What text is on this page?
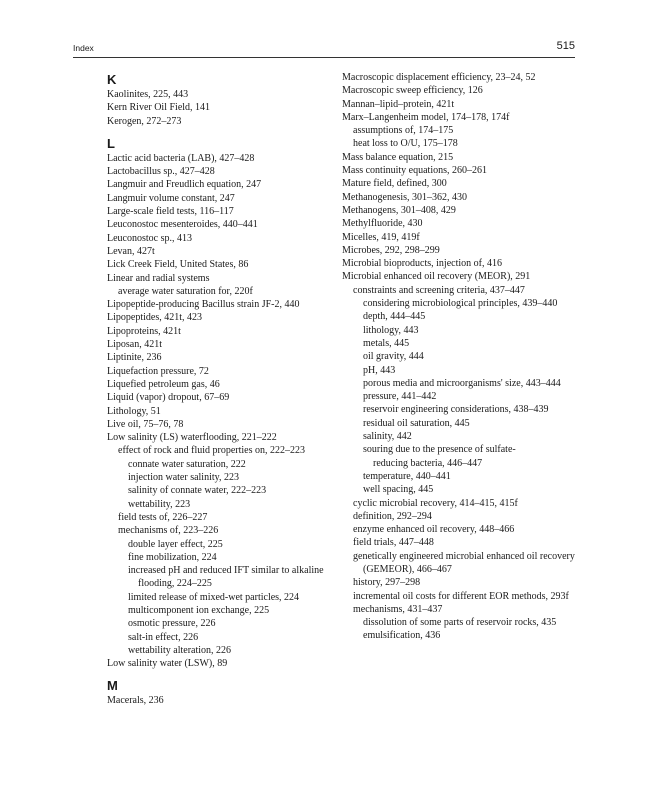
Index	515
K
Kaolinites, 225, 443
Kern River Oil Field, 141
Kerogen, 272–273
L
Lactic acid bacteria (LAB), 427–428
Lactobacillus sp., 427–428
Langmuir and Freudlich equation, 247
Langmuir volume constant, 247
Large-scale field tests, 116–117
Leuconostoc mesenteroides, 440–441
Leuconostoc sp., 413
Levan, 427t
Lick Creek Field, United States, 86
Linear and radial systems
average water saturation for, 220f
Lipopeptide-producing Bacillus strain JF-2, 440
Lipopeptides, 421t, 423
Lipoproteins, 421t
Liposan, 421t
Liptinite, 236
Liquefaction pressure, 72
Liquefied petroleum gas, 46
Liquid (vapor) dropout, 67–69
Lithology, 51
Live oil, 75–76, 78
Low salinity (LS) waterflooding, 221–222
effect of rock and fluid properties on, 222–223
connate water saturation, 222
injection water salinity, 223
salinity of connate water, 222–223
wettability, 223
field tests of, 226–227
mechanisms of, 223–226
double layer effect, 225
fine mobilization, 224
increased pH and reduced IFT similar to alkaline flooding, 224–225
limited release of mixed-wet particles, 224
multicomponent ion exchange, 225
osmotic pressure, 226
salt-in effect, 226
wettability alteration, 226
Low salinity water (LSW), 89
M
Macerals, 236
Macroscopic displacement efficiency, 23–24, 52
Macroscopic sweep efficiency, 126
Mannan–lipid–protein, 421t
Marx–Langenheim model, 174–178, 174f
assumptions of, 174–175
heat loss to O/U, 175–178
Mass balance equation, 215
Mass continuity equations, 260–261
Mature field, defined, 300
Methanogenesis, 301–362, 430
Methanogens, 301–408, 429
Methylfluoride, 430
Micelles, 419, 419f
Microbes, 292, 298–299
Microbial bioproducts, injection of, 416
Microbial enhanced oil recovery (MEOR), 291
constraints and screening criteria, 437–447
considering microbiological principles, 439–440
depth, 444–445
lithology, 443
metals, 445
oil gravity, 444
pH, 443
porous media and microorganisms' size, 443–444
pressure, 441–442
reservoir engineering considerations, 438–439
residual oil saturation, 445
salinity, 442
souring due to the presence of sulfate-
reducing bacteria, 446–447
temperature, 440–441
well spacing, 445
cyclic microbial recovery, 414–415, 415f
definition, 292–294
enzyme enhanced oil recovery, 448–466
field trials, 447–448
genetically engineered microbial enhanced oil recovery (GEMEOR), 466–467
history, 297–298
incremental oil costs for different EOR methods, 293f
mechanisms, 431–437
dissolution of some parts of reservoir rocks, 435
emulsification, 436
